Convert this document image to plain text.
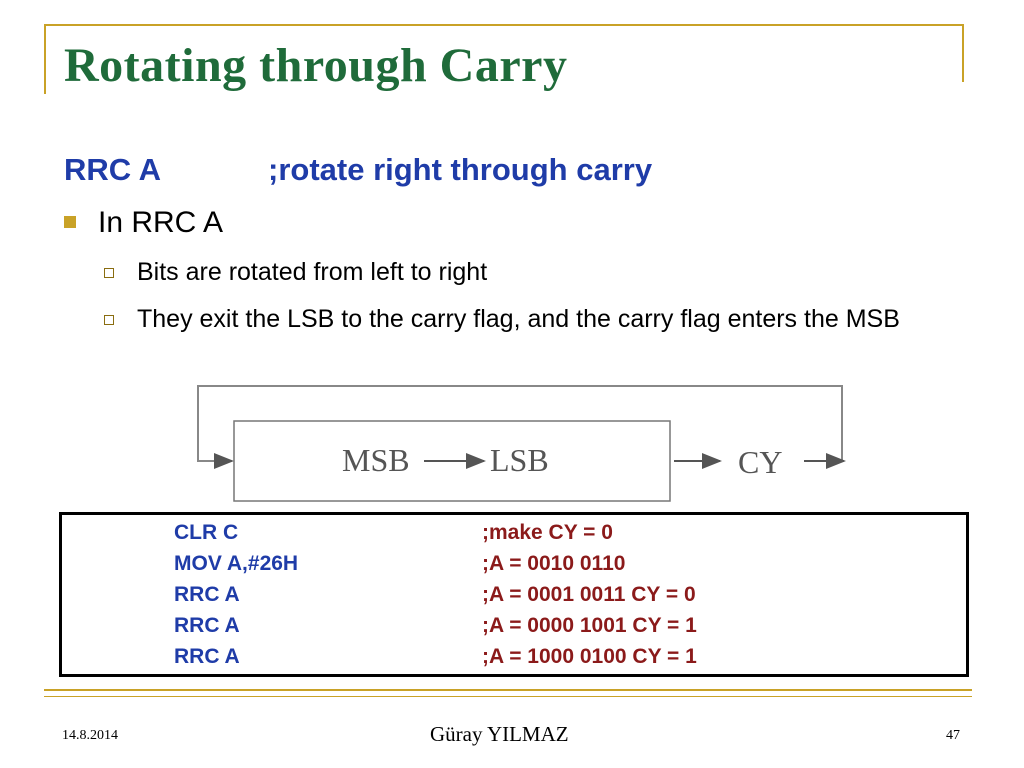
Rotating through Carry
RRC A	;rotate right through carry
In RRC A
Bits are rotated from left to right
They exit the LSB to the carry flag, and the carry flag enters the MSB
MSB	LSB	CY
CLR C	;make CY = 0
MOV A,#26H	;A = 0010 0110
RRC A	;A = 0001 0011 CY = 0
RRC A	;A = 0000 1001 CY = 1
RRC A	;A = 1000 0100 CY = 1
14.8.2014	Güray YILMAZ	47
